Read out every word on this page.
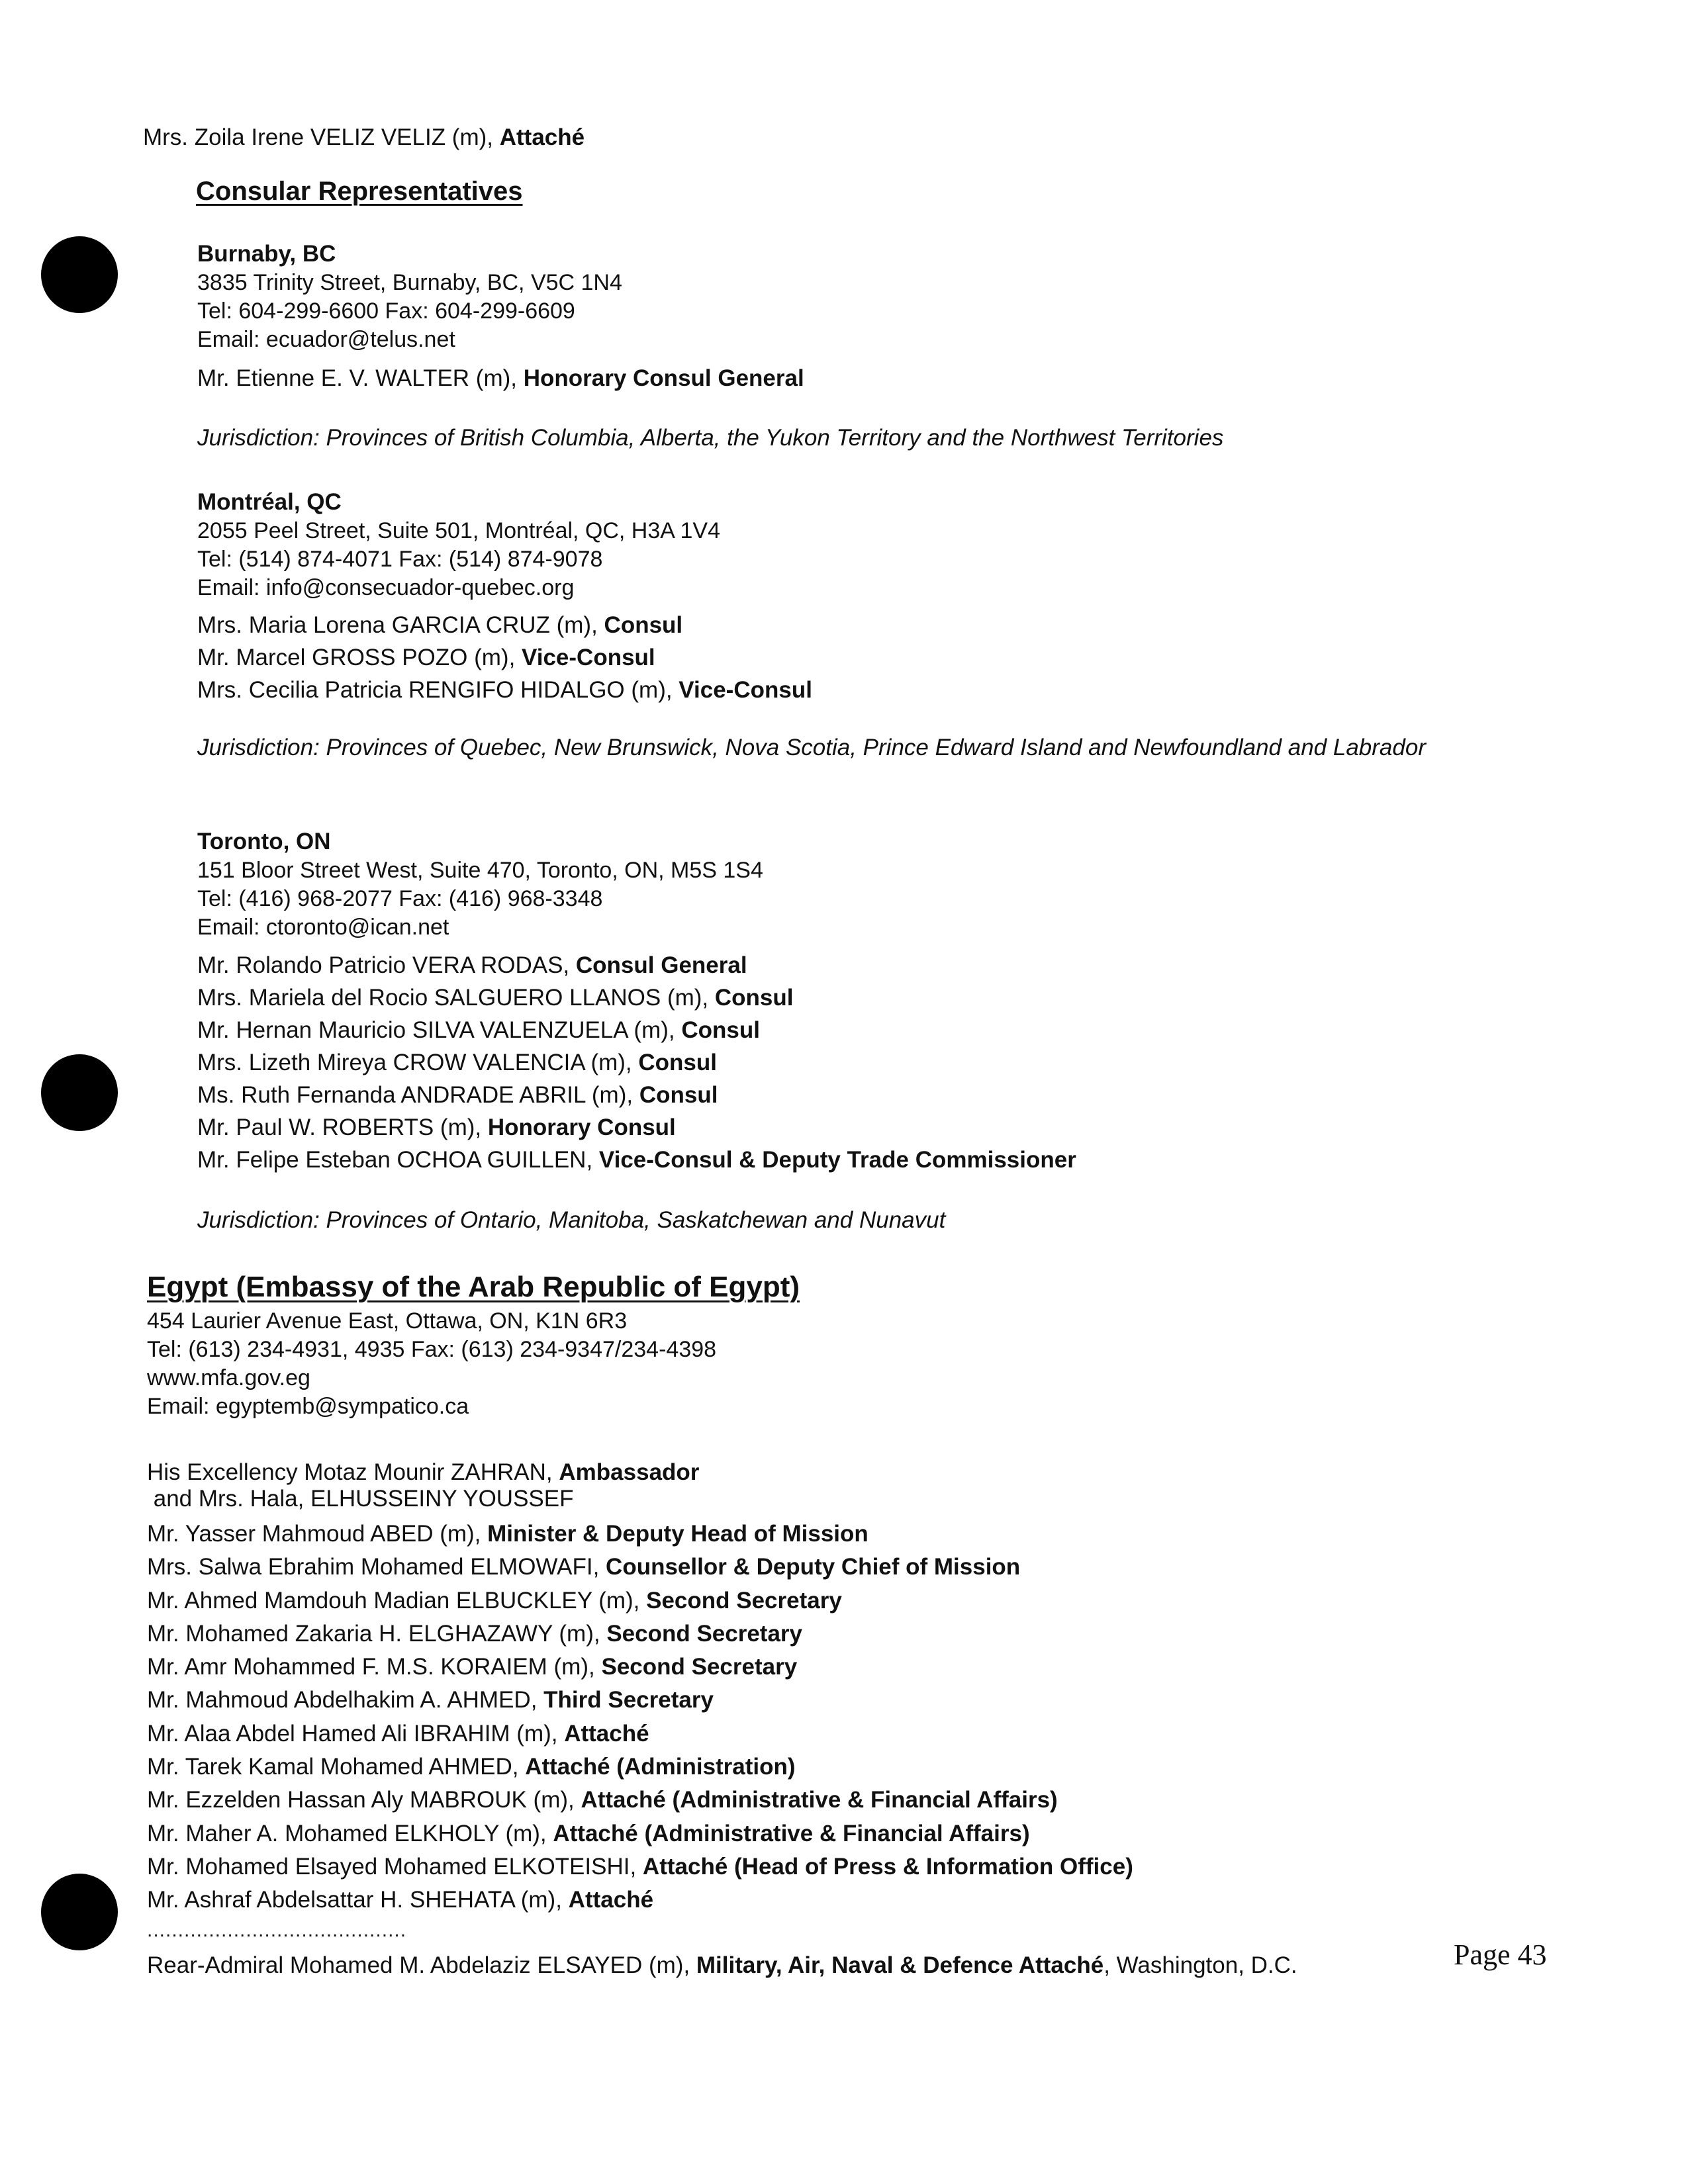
Mrs. Zoila Irene VELIZ VELIZ (m), Attaché
Consular Representatives
Burnaby, BC
3835 Trinity Street, Burnaby, BC, V5C 1N4
Tel: 604-299-6600 Fax: 604-299-6609
Email: ecuador@telus.net
Mr. Etienne E. V. WALTER (m), Honorary Consul General
Jurisdiction: Provinces of British Columbia, Alberta, the Yukon Territory and the Northwest Territories
Montréal, QC
2055 Peel Street, Suite 501, Montréal, QC, H3A 1V4
Tel: (514) 874-4071 Fax: (514) 874-9078
Email: info@consecuador-quebec.org
Mrs. Maria Lorena GARCIA CRUZ (m), Consul
Mr. Marcel GROSS POZO (m), Vice-Consul
Mrs. Cecilia Patricia RENGIFO HIDALGO (m), Vice-Consul
Jurisdiction: Provinces of Quebec, New Brunswick, Nova Scotia, Prince Edward Island and Newfoundland and Labrador
Toronto, ON
151 Bloor Street West, Suite 470, Toronto, ON, M5S 1S4
Tel: (416) 968-2077 Fax: (416) 968-3348
Email: ctoronto@ican.net
Mr. Rolando Patricio VERA RODAS, Consul General
Mrs. Mariela del Rocio SALGUERO LLANOS (m), Consul
Mr. Hernan Mauricio SILVA VALENZUELA (m), Consul
Mrs. Lizeth Mireya CROW VALENCIA (m), Consul
Ms. Ruth Fernanda ANDRADE ABRIL (m), Consul
Mr. Paul W. ROBERTS (m), Honorary Consul
Mr. Felipe Esteban OCHOA GUILLEN, Vice-Consul & Deputy Trade Commissioner
Jurisdiction: Provinces of Ontario, Manitoba, Saskatchewan and Nunavut
Egypt (Embassy of the Arab Republic of Egypt)
454 Laurier Avenue East, Ottawa, ON, K1N 6R3
Tel: (613) 234-4931, 4935 Fax: (613) 234-9347/234-4398
www.mfa.gov.eg
Email: egyptemb@sympatico.ca
His Excellency Motaz Mounir ZAHRAN, Ambassador
and Mrs. Hala, ELHUSSEINY YOUSSEF
Mr. Yasser Mahmoud ABED (m), Minister & Deputy Head of Mission
Mrs. Salwa Ebrahim Mohamed ELMOWAFI, Counsellor & Deputy Chief of Mission
Mr. Ahmed Mamdouh Madian ELBUCKLEY (m), Second Secretary
Mr. Mohamed Zakaria H. ELGHAZAWY (m), Second Secretary
Mr. Amr Mohammed F. M.S. KORAIEM (m), Second Secretary
Mr. Mahmoud Abdelhakim A. AHMED, Third Secretary
Mr. Alaa Abdel Hamed Ali IBRAHIM (m), Attaché
Mr. Tarek Kamal Mohamed AHMED, Attaché (Administration)
Mr. Ezzelden Hassan Aly MABROUK (m), Attaché (Administrative & Financial Affairs)
Mr. Maher A. Mohamed ELKHOLY (m), Attaché (Administrative & Financial Affairs)
Mr. Mohamed Elsayed Mohamed ELKOTEISHI, Attaché (Head of Press & Information Office)
Mr. Ashraf Abdelsattar H. SHEHATA (m), Attaché
..........................................
Rear-Admiral Mohamed M. Abdelaziz ELSAYED (m), Military, Air, Naval & Defence Attaché, Washington, D.C.	Page 43
